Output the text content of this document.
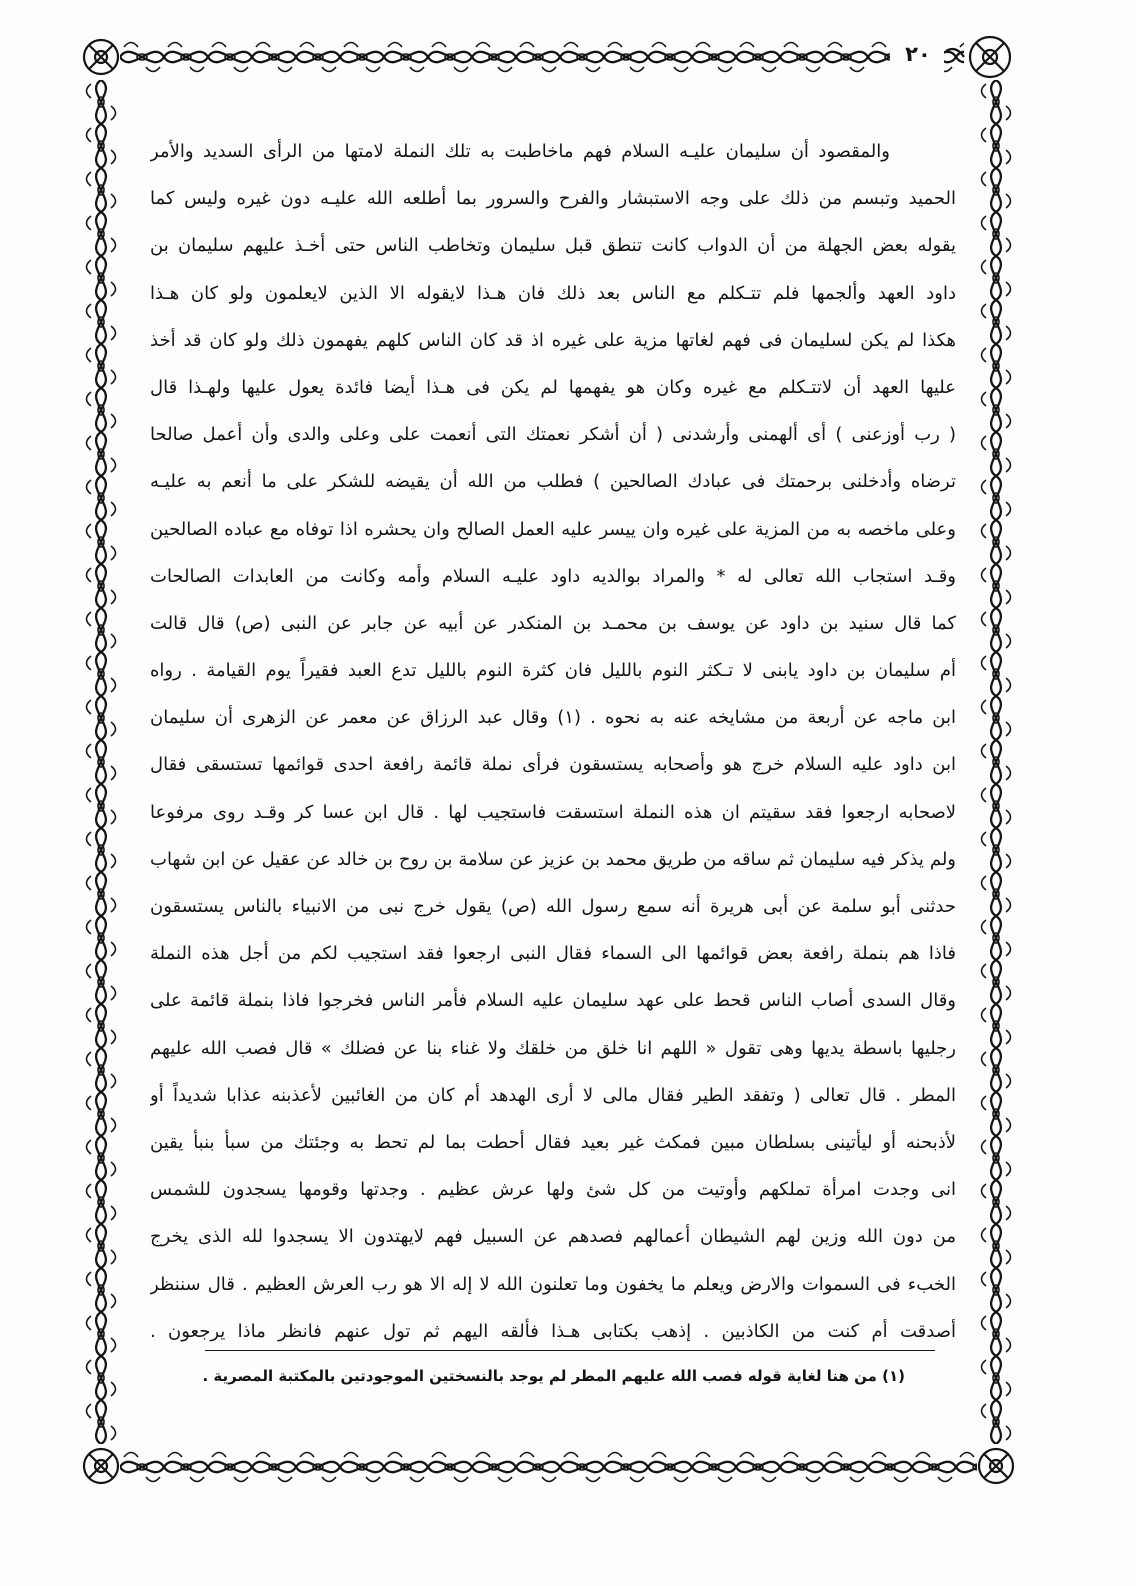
٢٠
والمقصود أن سليمان عليـه السلام فهم ماخاطبت به تلك النملة لامتها من الرأى السديد والأمر
الحميد وتبسم من ذلك على وجه الاستبشار والفرح والسرور بما أطلعه الله عليـه دون غيره وليس كما
يقوله بعض الجهلة من أن الدواب كانت تنطق قبل سليمان وتخاطب الناس حتى أخـذ عليهم سليمان بن
داود العهد وألجمها فلم تتـكلم مع الناس بعد ذلك فان هـذا لايقوله الا الذين لايعلمون ولو كان هـذا
هكذا لم يكن لسليمان فى فهم لغاتها مزية على غيره اذ قد كان الناس كلهم يفهمون ذلك ولو كان قد أخذ
عليها العهد أن لاتتـكلم مع غيره وكان هو يفهمها لم يكن فى هـذا أيضا فائدة يعول عليها ولهـذا قال
( رب أوزعنى ) أى ألهمنى وأرشدنى ( أن أشكر نعمتك التى أنعمت على وعلى والدى وأن أعمل صالحا
ترضاه وأدخلنى برحمتك فى عبادك الصالحين ) فطلب من الله أن يقيضه للشكر على ما أنعم به عليـه
وعلى ماخصه به من المزية على غيره وان ييسر عليه العمل الصالح وان يحشره اذا توفاه مع عباده الصالحين
وقـد استجاب الله تعالى له * والمراد بوالديه داود عليـه السلام وأمه وكانت من العابدات الصالحات
كما قال سنيد بن داود عن يوسف بن محمـد بن المنكدر عن أبيه عن جابر عن النبى (ص) قال قالت
أم سليمان بن داود يابنى لا تـكثر النوم بالليل فان كثرة النوم بالليل تدع العبد فقيراً يوم القيامة . رواه
ابن ماجه عن أربعة من مشايخه عنه به نحوه . (١) وقال عبد الرزاق عن معمر عن الزهرى أن سليمان
ابن داود عليه السلام خرج هو وأصحابه يستسقون فرأى نملة قائمة رافعة احدى قوائمها تستسقى فقال
لاصحابه ارجعوا فقد سقيتم ان هذه النملة استسقت فاستجيب لها . قال ابن عسا كر وقـد روى مرفوعا
ولم يذكر فيه سليمان ثم ساقه من طريق محمد بن عزيز عن سلامة بن روح بن خالد عن عقيل عن ابن شهاب
حدثنى أبو سلمة عن أبى هريرة أنه سمع رسول الله (ص) يقول خرج نبى من الانبياء بالناس يستسقون
فاذا هم بنملة رافعة بعض قوائمها الى السماء فقال النبى ارجعوا فقد استجيب لكم من أجل هذه النملة
وقال السدى أصاب الناس قحط على عهد سليمان عليه السلام فأمر الناس فخرجوا فاذا بنملة قائمة على
رجليها باسطة يديها وهى تقول « اللهم انا خلق من خلقك ولا غناء بنا عن فضلك » قال فصب الله عليهم
المطر . قال تعالى ( وتفقد الطير فقال مالى لا أرى الهدهد أم كان من الغائبين لأعذبنه عذابا شديداً أو
لأذبحنه أو ليأتينى بسلطان مبين فمكث غير بعيد فقال أحطت بما لم تحط به وجئتك من سبأ بنبأ يقين
انى وجدت امرأة تملكهم وأوتيت من كل شئ ولها عرش عظيم . وجدتها وقومها يسجدون للشمس
من دون الله وزين لهم الشيطان أعمالهم فصدهم عن السبيل فهم لايهتدون الا يسجدوا لله الذى يخرج
الخبء فى السموات والارض ويعلم ما يخفون وما تعلنون الله لا إله الا هو رب العرش العظيم . قال سننظر
أصدقت أم كنت من الكاذبين . إذهب بكتابى هـذا فألقه اليهم ثم تول عنهم فانظر ماذا يرجعون .
(١) من هنا لغاية قوله فصب الله عليهم المطر لم يوجد بالنسختين الموجودتين بالمكتبة المصرية .
